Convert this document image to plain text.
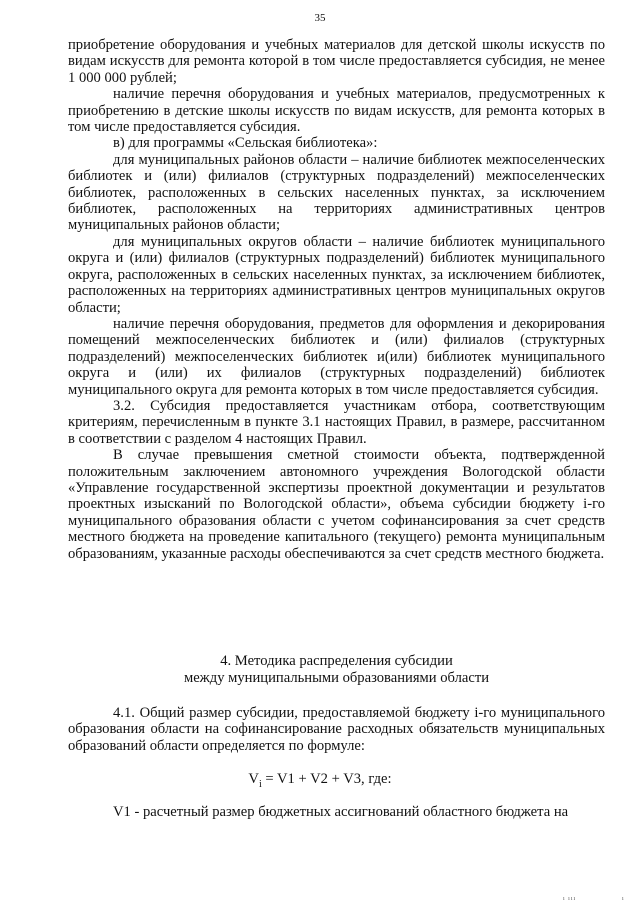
35

приобретение оборудования и учебных материалов для детской школы искусств по видам искусств для ремонта которой в том числе предоставляется субсидия, не менее 1 000 000 рублей;

наличие перечня оборудования и учебных материалов, предусмотренных к приобретению в детские школы искусств по видам искусств, для ремонта которых в том числе предоставляется субсидия.

в) для программы «Сельская библиотека»:

для муниципальных районов области – наличие библиотек межпоселенческих библиотек и (или) филиалов (структурных подразделений) межпоселенческих библиотек, расположенных в сельских населенных пунктах, за исключением библиотек, расположенных на территориях административных центров муниципальных районов области;

для муниципальных округов области – наличие библиотек муниципального округа и (или) филиалов (структурных подразделений) библиотек муниципального округа, расположенных в сельских населенных пунктах, за исключением библиотек, расположенных на территориях административных центров муниципальных округов области;

наличие перечня оборудования, предметов для оформления и декорирования помещений межпоселенческих библиотек и (или) филиалов (структурных подразделений) межпоселенческих библиотек и(или) библиотек муниципального округа и (или) их филиалов (структурных подразделений) библиотек муниципального округа для ремонта которых в том числе предоставляется субсидия.

3.2. Субсидия предоставляется участникам отбора, соответствующим критериям, перечисленным в пункте 3.1 настоящих Правил, в размере, рассчитанном в соответствии с разделом 4 настоящих Правил.

В случае превышения сметной стоимости объекта, подтвержденной положительным заключением автономного учреждения Вологодской области «Управление государственной экспертизы проектной документации и результатов проектных изысканий по Вологодской области», объема субсидии бюджету i-го муниципального образования области с учетом софинансирования за счет средств местного бюджета на проведение капитального (текущего) ремонта муниципальным образованиям, указанные расходы обеспечиваются за счет средств местного бюджета.

4. Методика распределения субсидии
между муниципальными образованиями области

4.1. Общий размер субсидии, предоставляемой бюджету i-го муниципального образования области на софинансирование расходных обязательств муниципальных образований области определяется по формуле:

$V_i = V1 + V2 + V3$, где:

V1 - расчетный размер бюджетных ассигнований областного бюджета на

ı ııı	ı
